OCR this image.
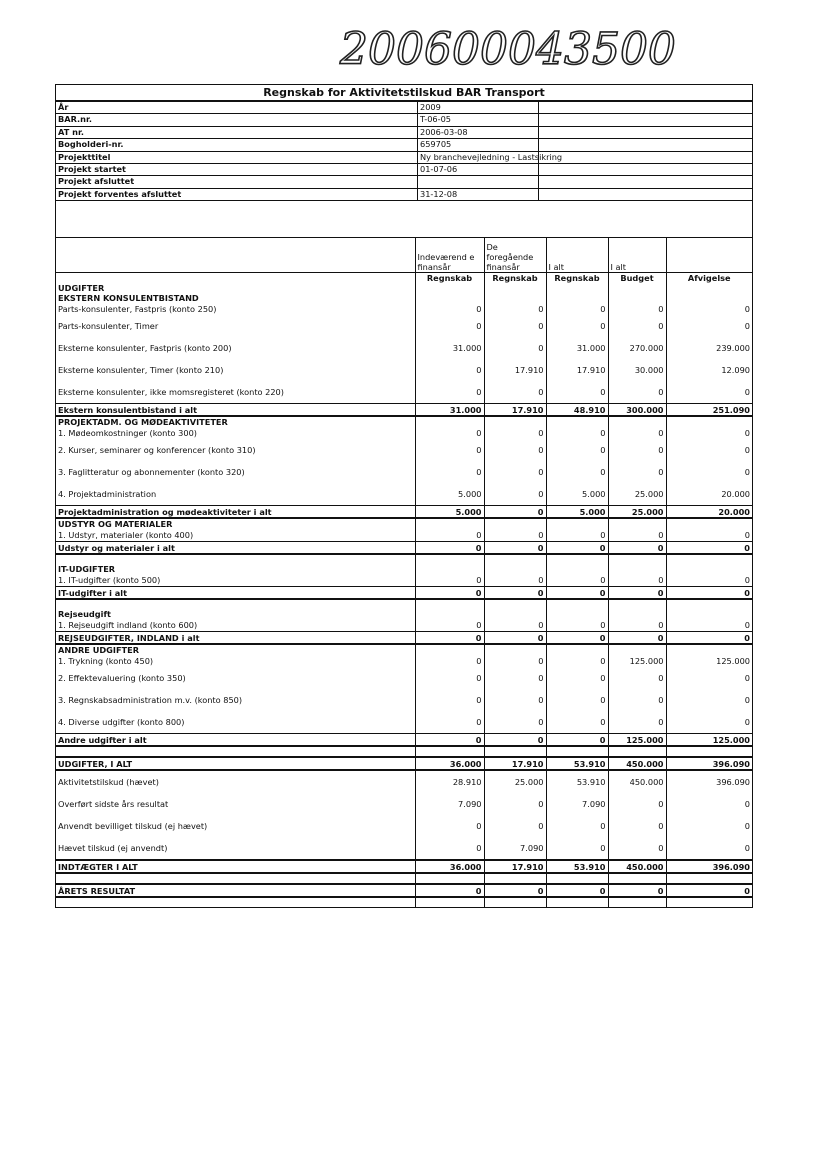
200600043500
Regnskab for Aktivitetstilskud BAR Transport
År	2009
BAR.nr.	T-06-05
AT nr.	2006-03-08
Bogholderi-nr.	659705
Projekttitel	Ny branchevejledning - Lastsikring
Projekt startet	01-07-06
Projekt afsluttet
Projekt forventes afsluttet	31-12-08
	Indeværend e finansår	De foregående finansår	I alt	I alt	
	Regnskab	Regnskab	Regnskab	Budget	Afvigelse
UDGIFTER					
EKSTERN KONSULENTBISTAND					
Parts-konsulenter, Fastpris (konto 250)	0	0	0	0	0
Parts-konsulenter, Timer	0	0	0	0	0
Eksterne konsulenter, Fastpris (konto 200)	31.000	0	31.000	270.000	239.000
Eksterne konsulenter, Timer (konto 210)	0	17.910	17.910	30.000	12.090
Eksterne konsulenter, ikke momsregisteret (konto 220)	0	0	0	0	0
Ekstern konsulentbistand i alt	31.000	17.910	48.910	300.000	251.090
PROJEKTADM. OG MØDEAKTIVITETER					
1. Mødeomkostninger (konto 300)	0	0	0	0	0
2. Kurser, seminarer og konferencer (konto 310)	0	0	0	0	0
3. Faglitteratur og abonnementer (konto 320)	0	0	0	0	0
4. Projektadministration	5.000	0	5.000	25.000	20.000
Projektadministration og mødeaktiviteter i alt	5.000	0	5.000	25.000	20.000
UDSTYR OG MATERIALER					
1. Udstyr, materialer (konto 400)	0	0	0	0	0
Udstyr og materialer i alt	0	0	0	0	0

IT-UDGIFTER					
1. IT-udgifter (konto 500)	0	0	0	0	0
IT-udgifter i alt	0	0	0	0	0

Rejseudgift					
1. Rejseudgift indland (konto 600)	0	0	0	0	0
REJSEUDGIFTER, INDLAND i alt	0	0	0	0	0
ANDRE UDGIFTER					
1. Trykning (konto 450)	0	0	0	125.000	125.000
2. Effektevaluering (konto 350)	0	0	0	0	0
3. Regnskabsadministration m.v. (konto 850)	0	0	0	0	0
4. Diverse udgifter (konto 800)	0	0	0	0	0
Andre udgifter i alt	0	0	0	125.000	125.000

UDGIFTER, I ALT	36.000	17.910	53.910	450.000	396.090
Aktivitetstilskud (hævet)	28.910	25.000	53.910	450.000	396.090
Overført sidste års resultat	7.090	0	7.090	0	0
Anvendt bevilliget tilskud (ej hævet)	0	0	0	0	0
Hævet tilskud (ej anvendt)	0	7.090	0	0	0
INDTÆGTER I ALT	36.000	17.910	53.910	450.000	396.090

ÅRETS RESULTAT	0	0	0	0	0
